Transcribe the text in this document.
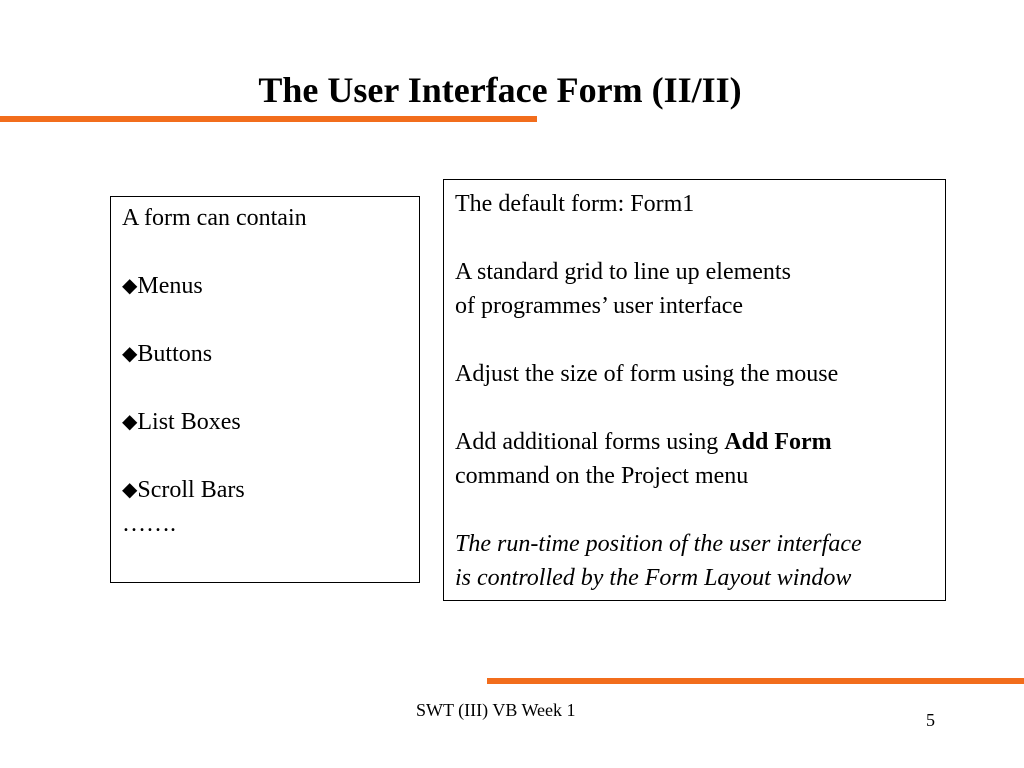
The User Interface Form (II/II)
A form can contain
◆Menus
◆Buttons
◆List Boxes
◆Scroll Bars
…….
The default form: Form1
A standard grid to line up elements
of programmes’ user interface
Adjust the size of form using the mouse
Add additional forms using Add Form
command on the Project menu
The run-time position of the user interface
is controlled by the Form Layout window
SWT (III) VB Week 1	5
